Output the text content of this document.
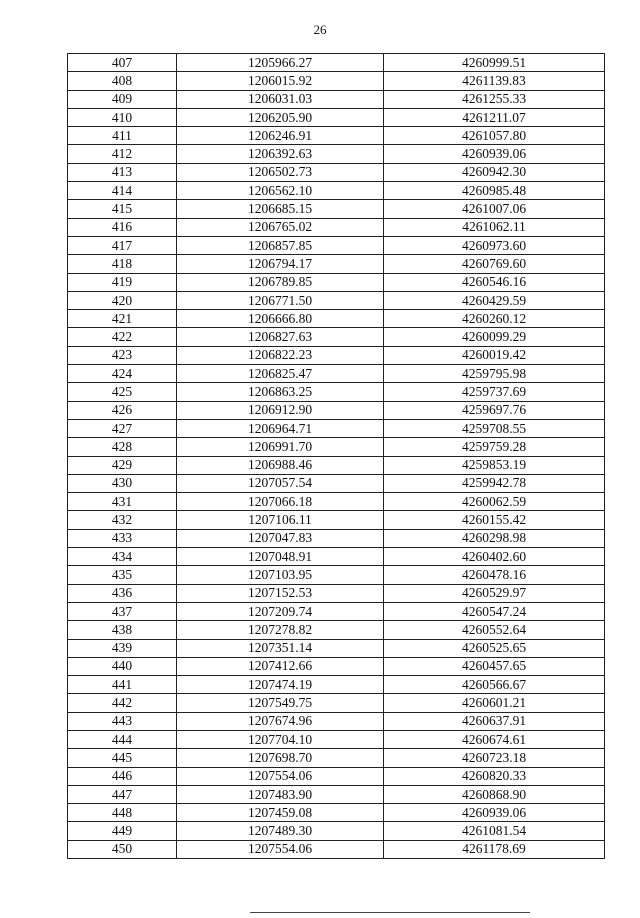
26
407	1205966.27	4260999.51
408	1206015.92	4261139.83
409	1206031.03	4261255.33
410	1206205.90	4261211.07
411	1206246.91	4261057.80
412	1206392.63	4260939.06
413	1206502.73	4260942.30
414	1206562.10	4260985.48
415	1206685.15	4261007.06
416	1206765.02	4261062.11
417	1206857.85	4260973.60
418	1206794.17	4260769.60
419	1206789.85	4260546.16
420	1206771.50	4260429.59
421	1206666.80	4260260.12
422	1206827.63	4260099.29
423	1206822.23	4260019.42
424	1206825.47	4259795.98
425	1206863.25	4259737.69
426	1206912.90	4259697.76
427	1206964.71	4259708.55
428	1206991.70	4259759.28
429	1206988.46	4259853.19
430	1207057.54	4259942.78
431	1207066.18	4260062.59
432	1207106.11	4260155.42
433	1207047.83	4260298.98
434	1207048.91	4260402.60
435	1207103.95	4260478.16
436	1207152.53	4260529.97
437	1207209.74	4260547.24
438	1207278.82	4260552.64
439	1207351.14	4260525.65
440	1207412.66	4260457.65
441	1207474.19	4260566.67
442	1207549.75	4260601.21
443	1207674.96	4260637.91
444	1207704.10	4260674.61
445	1207698.70	4260723.18
446	1207554.06	4260820.33
447	1207483.90	4260868.90
448	1207459.08	4260939.06
449	1207489.30	4261081.54
450	1207554.06	4261178.69
